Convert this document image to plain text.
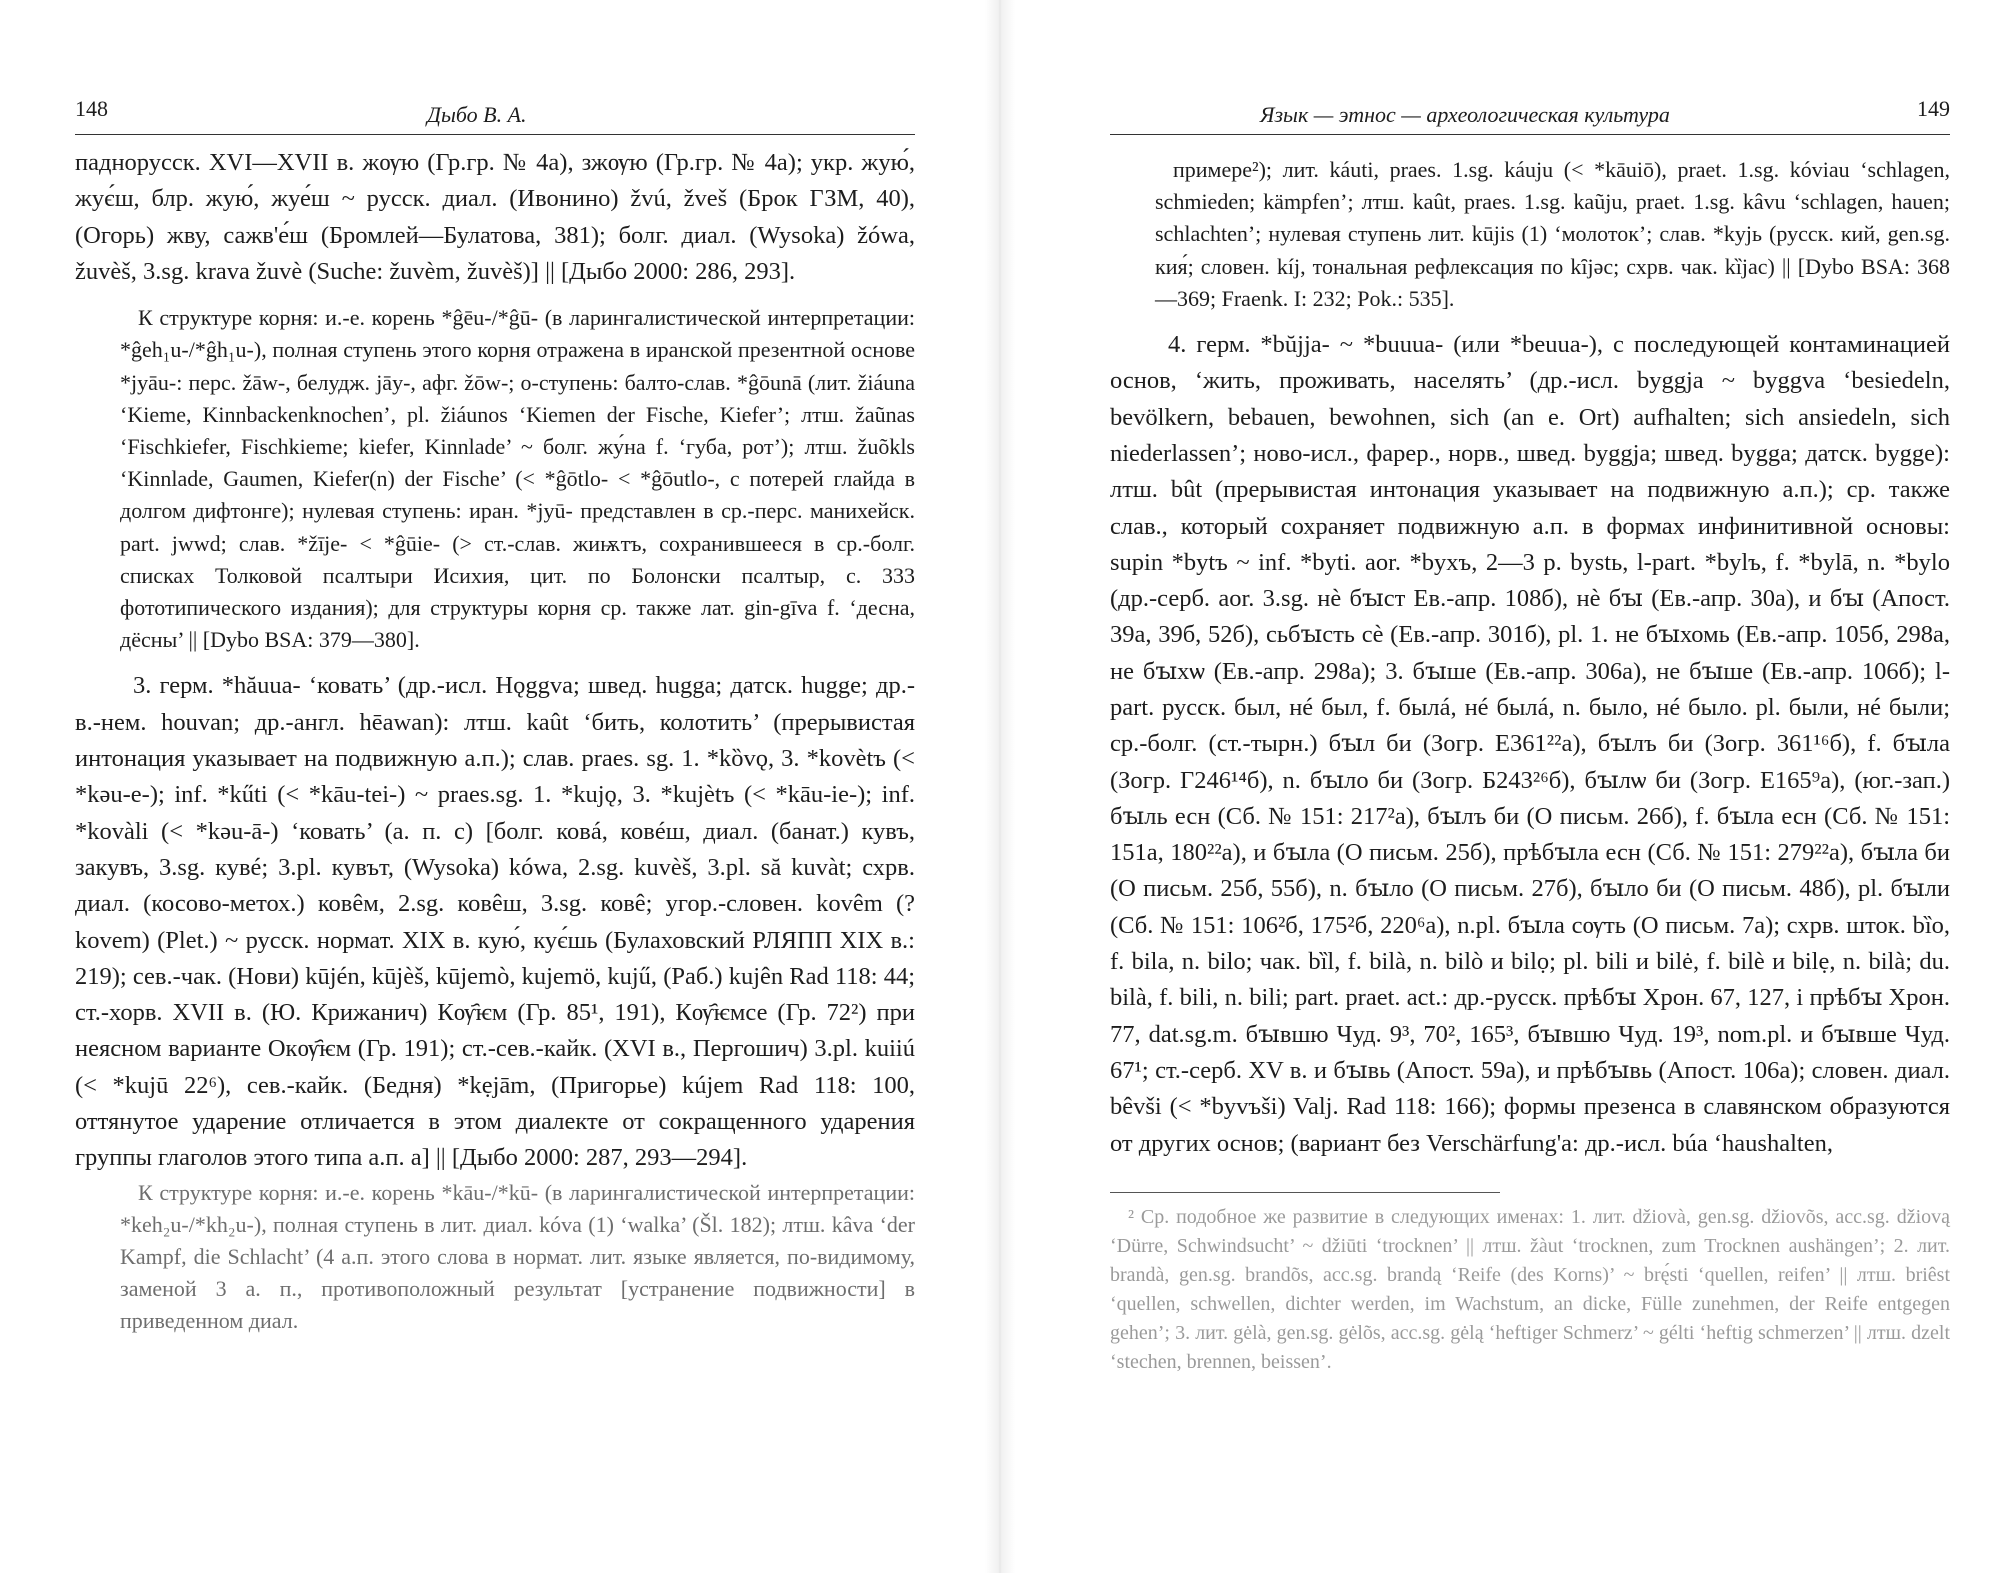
148	Дыбо В. А.

паднорусск. XVI—XVII в. жѹю (Гр.гр. № 4а), зжѹю (Гр.гр. № 4а); укр. жую́, жує́ш, блр. жую́, жуе́ш ~ русск. диал. (Ивонино) žvú, žveš (Брок ГЗМ, 40), (Огорь) жву, сажв'е́ш (Бромлей—Булатова, 381); болг. диал. (Wysoka) žówa, žuvèš, 3.sg. krava žuvè (Suche: žuvèm, žuvèš)] || [Дыбо 2000: 286, 293].

К структуре корня: и.-е. корень *ĝēu-/*ĝū- (в ларингалистической интерпретации: *ĝeh₁u-/*ĝh₁u-), полная ступень этого корня отражена в иранской презентной основе *jyāu-: перс. žāw-, белудж. jāy-, афг. žōw-; о-ступень: балто-слав. *ĝōunā (лит. žiáuna ‘Kieme, Kinnbackenknochen’, pl. žiáunos ‘Kiemen der Fische, Kiefer’; лтш. žaũnas ‘Fischkiefer, Fischkieme; kiefer, Kinnlade’ ~ болг. жу́на f. ‘губа, рот’); лтш. žuõkls ‘Kinnlade, Gaumen, Kiefer(n) der Fische’ (< *ĝōtlo- < *ĝōutlo-, с потерей глайда в долгом дифтонге); нулевая ступень: иран. *jyū- представлен в ср.-перс. манихейск. part. jwwd; слав. *žīje- < *ĝūie- (> ст.-слав. жиѭтъ, сохранившееся в ср.-болг. списках Толковой псалтыри Исихия, цит. по Болонски псалтыр, с. 333 фототипического издания); для структуры корня ср. также лат. gin-gīva f. ‘десна, дёсны’ || [Dybo BSA: 379—380].

3. герм. *hăuua- ‘ковать’ (др.-исл. Hǫggva; швед. hugga; датск. hugge; др.-в.-нем. houvan; др.-англ. hēawan): лтш. kaût ‘бить, колотить’ (прерывистая интонация указывает на подвижную а.п.); слав. praes. sg. 1. *kȍvǫ, 3. *kovètъ (< *kəu-e-); inf. *kűti (< *kāu-tei-) ~ praes.sg. 1. *kujǫ, 3. *kujètъ (< *kāu-ie-); inf. *kovàli (< *kəu-ā-) ‘ковать’ (а. п. c) [болг. ковá, ковéш, диал. (банат.) кувъ, закувъ, 3.sg. кувé; 3.pl. кувът, (Wysoka) kówa, 2.sg. kuvèš, 3.pl. să kuvàt; схрв. диал. (косово-метох.) ковêм, 2.sg. ковêш, 3.sg. ковê; угор.-словен. kovêm (? kovem) (Plet.) ~ русск. нормат. XIX в. кую́, кує́шь (Булаховский РЛЯПП XIX в.: 219); сев.-чак. (Нови) kūjén, kūjèš, kūjemò, kujemö, kujű, (Раб.) kujên Rad 118: 44; ст.-хорв. XVII в. (Ю. Крижанич) Кѹ҄ѥм (Гр. 85¹, 191), Кѹ҄ѥмсе (Гр. 72²) при неясном варианте Окѹ҄ѥм (Гр. 191); ст.-сев.-кайк. (XVI в., Пергошич) 3.pl. kuiiú (< *kujū 22⁶), сев.-кайк. (Бедня) *kẹjām, (Пригорье) kújem Rad 118: 100, оттянутое ударение отличается в этом диалекте от сокращенного ударения группы глаголов этого типа а.п. a] || [Дыбо 2000: 287, 293—294].

К структуре корня: и.-е. корень *kāu-/*kū- (в ларингалистической интерпретации: *keh₂u-/*kh₂u-), полная ступень в лит. диал. kóva (1) ‘walka’ (Šl. 182); лтш. kâva ‘der Kampf, die Schlacht’ (4 а.п. этого слова в нормат. лит. языке является, по-видимому, заменой 3 а. п., противоположный результат [устранение подвижности] в приведенном диал.

Язык — этнос — археологическая культура	149

примере²); лит. káuti, praes. 1.sg. káuju (< *kāuiō), praet. 1.sg. kóviau ‘schlagen, schmieden; kämpfen’; лтш. kaût, praes. 1.sg. kaũju, praet. 1.sg. kâvu ‘schlagen, hauen; schlachten’; нулевая ступень лит. kūjis (1) ‘молоток’; слав. *kyjь (русск. кий, gen.sg. кия́; словен. kíj, тональная рефлексация по kȋjəc; схрв. чак. kȉjac) || [Dybo BSA: 368—369; Fraenk. I: 232; Pok.: 535].

4. герм. *bŭjja- ~ *buuua- (или *beuua-), с последующей контаминацией основ, ‘жить, проживать, населять’ (др.-исл. byggja ~ byggva ‘besiedeln, bevölkern, bebauen, bewohnen, sich (an e. Ort) aufhalten; sich ansiedeln, sich niederlassen’; ново-исл., фарер., норв., швед. byggja; швед. bygga; датск. bygge): лтш. bût (прерывистая интонация указывает на подвижную а.п.); ср. также слав., который сохраняет подвижную а.п. в формах инфинитивной основы: supin *bytъ ~ inf. *byti. aor. *byxъ, 2—3 p. bystь, l-part. *bylъ, f. *bylā, n. *bylo (др.-серб. aor. 3.sg. нѐ бꙑст Ев.-апр. 108б), нѐ бꙑ (Ев.-апр. 30а), и бꙑ (Апост. 39а, 39б, 52б), сьбꙑсть сѐ (Ев.-апр. 301б), pl. 1. не бꙑхомь (Ев.-апр. 105б, 298а, не бꙑхѡ (Ев.-апр. 298а); 3. бꙑше (Ев.-апр. 306а), не бꙑше (Ев.-апр. 106б); l-part. русск. был, нé был, f. былá, нé былá, n. было, нé было. pl. были, нé были; ср.-болг. (ст.-тырн.) бꙑл би (Зогр. Е361²²а), бꙑлъ би (Зогр. 361¹⁶б), f. бꙑла (Зогр. Г246¹⁴б), n. бꙑло би (Зогр. Б243²⁶б), бꙑлѡ би (Зогр. Е165⁹а), (юг.-зап.) бꙑль есн (Сб. № 151: 217²а), бꙑлъ би (О письм. 26б), f. бꙑла есн (Сб. № 151: 151а, 180²²а), и бꙑла (О письм. 25б), прѣбꙑла есн (Сб. № 151: 279²²а), бꙑла би (О письм. 25б, 55б), n. бꙑло (О письм. 27б), бꙑло би (О письм. 48б), pl. бꙑли (Сб. № 151: 106²б, 175²б, 220⁶а), n.pl. бꙑла сѹть (О письм. 7а); схрв. шток. bȉo, f. bila, n. bilo; чак. bȉl, f. bilà, n. bilò и bilọ; pl. bili и bilė, f. bilè и bilẹ, n. bilà; du. bilà, f. bili, n. bili; part. praet. act.: др.-русск. прѣбꙑ Хрон. 67, 127, і прѣбꙑ Хрон. 77, dat.sg.m. бꙑвшю Чуд. 9³, 70², 165³, бꙑвшю Чуд. 19³, nom.pl. и бꙑвше Чуд. 67¹; ст.-серб. XV в. и бꙑвь (Апост. 59а), и прѣбꙑвь (Апост. 106а); словен. диал. bêvši (< *byvъši) Valj. Rad 118: 166); формы презенса в славянском образуются от других основ; (вариант без Verschärfung'а: др.-исл. búa ‘haushalten,

² Ср. подобное же развитие в следующих именах: 1. лит. džiovà, gen.sg. džiovõs, acc.sg. džiovą ‘Dürre, Schwindsucht’ ~ džiūti ‘trocknen’ || лтш. žàut ‘trocknen, zum Trocknen aushängen’; 2. лит. brandà, gen.sg. brandõs, acc.sg. brandą ‘Reife (des Korns)’ ~ brę́sti ‘quellen, reifen’ || лтш. briêst ‘quellen, schwellen, dichter werden, im Wachstum, an dicke, Fülle zunehmen, der Reife entgegen gehen’; 3. лит. gėlà, gen.sg. gėlõs, acc.sg. gėlą ‘heftiger Schmerz’ ~ gélti ‘heftig schmerzen’ || лтш. dzelt ‘stechen, brennen, beissen’.
